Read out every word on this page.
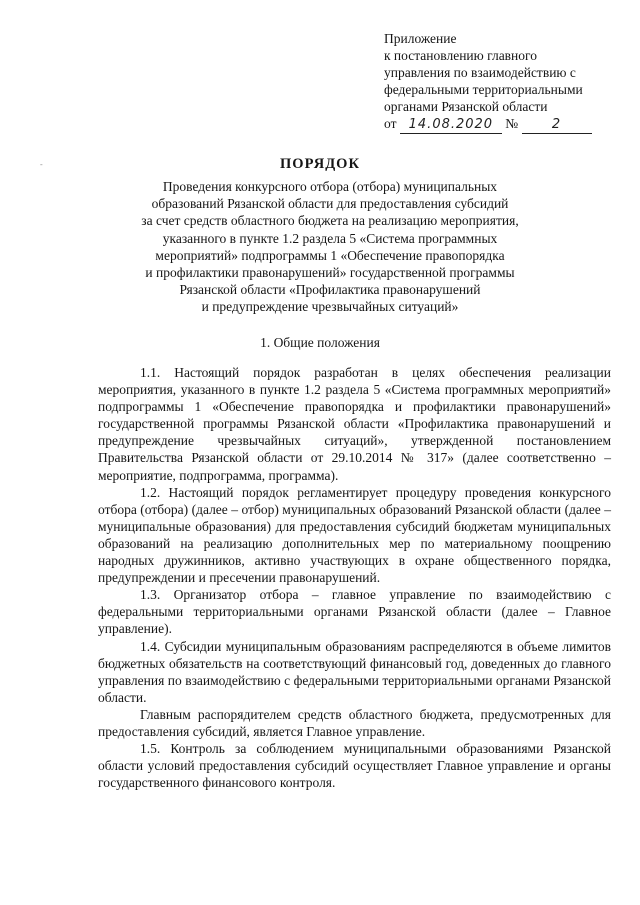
Приложение
к постановлению главного
управления по взаимодействию с
федеральными территориальными
органами Рязанской области
от 14.08.2020 №	2
-	ПОРЯДОК
Проведения конкурсного отбора (отбора) муниципальных
образований Рязанской области для предоставления субсидий
за счет средств областного бюджета на реализацию мероприятия,
указанного в пункте 1.2 раздела 5 «Система программных
мероприятий» подпрограммы 1 «Обеспечение правопорядка
и профилактики правонарушений» государственной программы
Рязанской области «Профилактика правонарушений
и предупреждение чрезвычайных ситуаций»
1. Общие положения

1.1. Настоящий порядок разработан в целях обеспечения реализации мероприятия, указанного в пункте 1.2 раздела 5 «Система программных мероприятий» подпрограммы 1 «Обеспечение правопорядка и профилактики правонарушений» государственной программы Рязанской области «Профилактика правонарушений и предупреждение чрезвычайных ситуаций», утвержденной постановлением Правительства Рязанской области от 29.10.2014 № 317» (далее соответственно – мероприятие, подпрограмма, программа).

1.2. Настоящий порядок регламентирует процедуру проведения конкурсного отбора (отбора) (далее – отбор) муниципальных образований Рязанской области (далее – муниципальные образования) для предоставления субсидий бюджетам муниципальных образований на реализацию дополнительных мер по материальному поощрению народных дружинников, активно участвующих в охране общественного порядка, предупреждении и пресечении правонарушений.

1.3. Организатор отбора – главное управление по взаимодействию с федеральными территориальными органами Рязанской области (далее – Главное управление).

1.4. Субсидии муниципальным образованиям распределяются в объеме лимитов бюджетных обязательств на соответствующий финансовый год, доведенных до главного управления по взаимодействию с федеральными территориальными органами Рязанской области.

Главным распорядителем средств областного бюджета, предусмотренных для предоставления субсидий, является Главное управление.

1.5. Контроль за соблюдением муниципальными образованиями Рязанской области условий предоставления субсидий осуществляет Главное управление и органы государственного финансового контроля.
